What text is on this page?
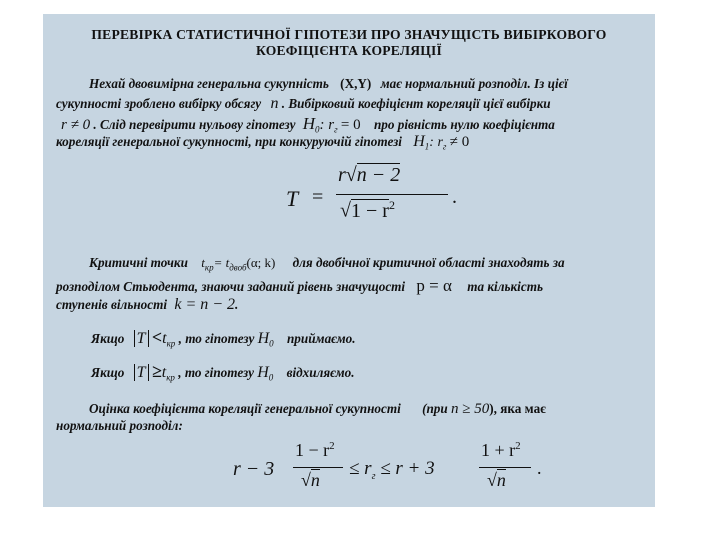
ПЕРЕВІРКА СТАТИСТИЧНОЇ ГІПОТЕЗИ ПРО ЗНАЧУЩІСТЬ ВИБІРКОВОГО
КОЕФІЦІЄНТА КОРЕЛЯЦІЇ
Нехай двовимірна генеральна сукупність (X,Y) має нормальний розподіл. Із цієї
сукупності зроблено вибірку обсягу n . Вибірковий коефіцієнт кореляції цієї вибірки
r ≠ 0 . Слід перевірити нульову гіпотезу $H_0$: $r_г = 0$ про рівність нулю коефіцієнта
кореляції генеральної сукупності, при конкуруючій гіпотезі $H_1$: $r_г \ne 0$
T =
r√n − 2
$√1 - r^2$	.
Критичні точки $t_{кр}= t_{двоб}(\alpha$; k) для двобічної критичної області знаходять за
розподілом Стьюдента, знаючи заданий рівень значущості p = α та кількість
ступенів вільності k = n − 2.
Якщо $T <t_{кр}$ , то гіпотезу $H_0$ приймаємо.
Якщо $T \ge t_{кр}$ , то гіпотезу $H_0$ відхиляємо.
Оцінка коефіцієнта кореляції генеральної сукупності (при n ≥ 50), яка має
нормальний розподіл:
r − 3
$1 - r^2$
√n
≤ $r_г \le r + 3$
$1 + r^2$
√n
.
